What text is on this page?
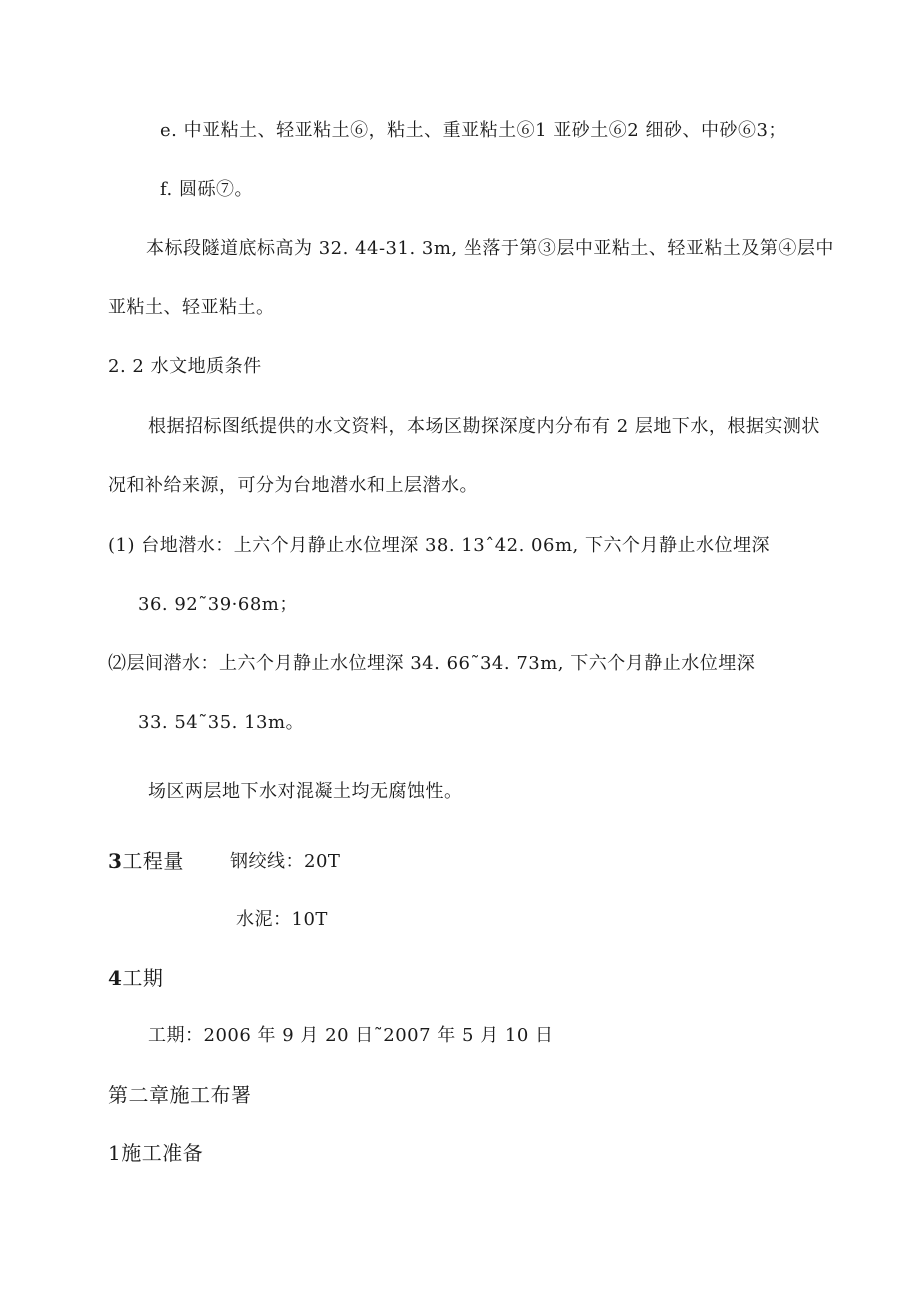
e. 中亚粘土、轻亚粘土⑥，粘土、重亚粘土⑥1 亚砂土⑥2 细砂、中砂⑥3；
f. 圆砾⑦。
本标段隧道底标高为 32. 44-31. 3m, 坐落于第③层中亚粘土、轻亚粘土及第④层中
亚粘土、轻亚粘土。
2. 2 水文地质条件
根据招标图纸提供的水文资料，本场区勘探深度内分布有 2 层地下水，根据实测状
况和补给来源，可分为台地潜水和上层潜水。
(1) 台地潜水：上六个月静止水位埋深 38. 13ˆ42. 06m, 下六个月静止水位埋深
36. 92˜39·68m；
⑵层间潜水：上六个月静止水位埋深 34. 66˜34. 73m, 下六个月静止水位埋深
33. 54˜35. 13m。
场区两层地下水对混凝土均无腐蚀性。
3工程量	钢绞线：20T
水泥：10T
4工期
工期：2006 年 9 月 20 日˜2007 年 5 月 10 日
第二章施工布署
1施工准备
